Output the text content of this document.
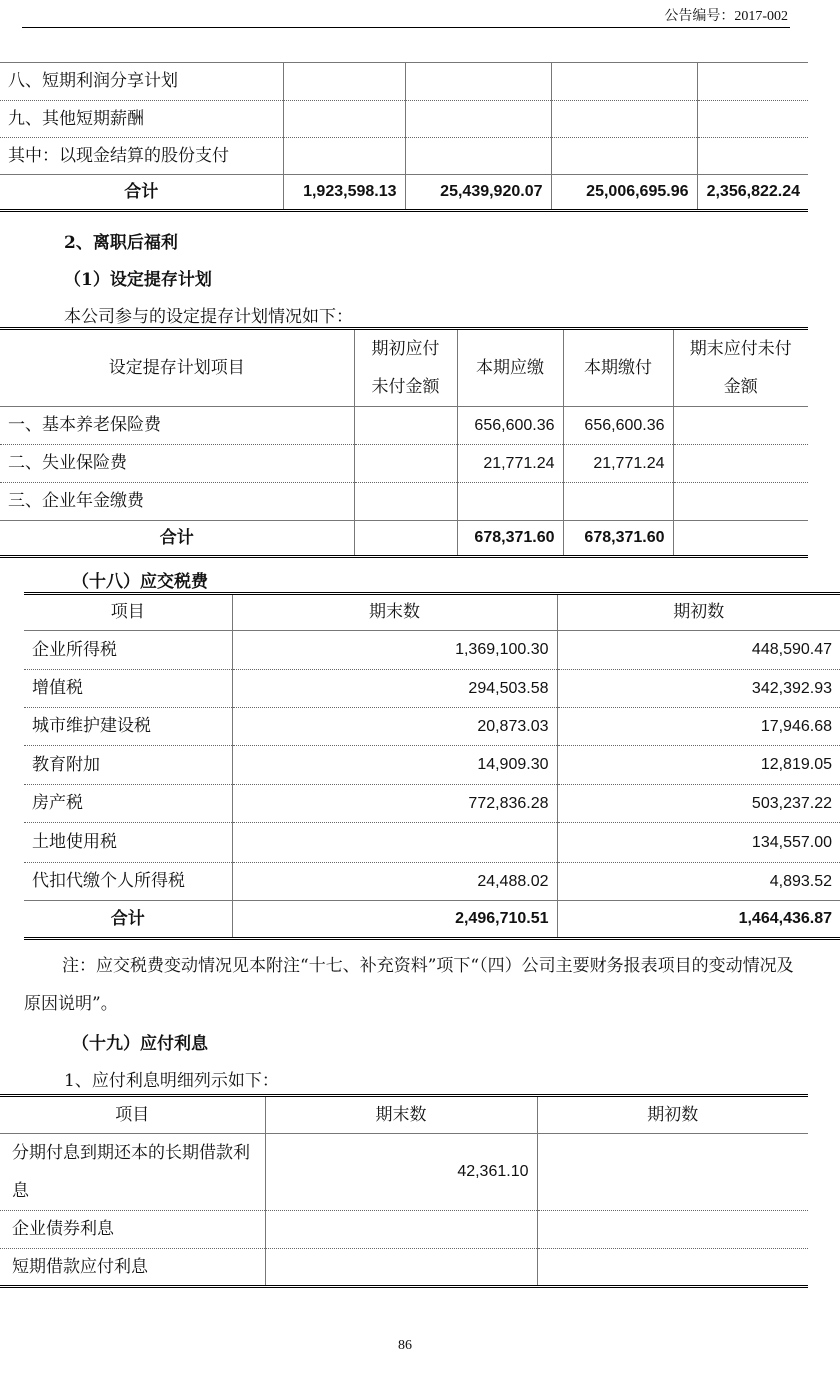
公告编号：2017-002
八、短期利润分享计划				
九、其他短期薪酬				
其中：以现金结算的股份支付				
合计	1,923,598.13	25,439,920.07	25,006,695.96	2,356,822.24
2、离职后福利
（1）设定提存计划
本公司参与的设定提存计划情况如下：
设定提存计划项目	期初应付未付金额	本期应缴	本期缴付	期末应付未付金额
一、基本养老保险费		656,600.36	656,600.36	
二、失业保险费		21,771.24	21,771.24	
三、企业年金缴费				
合计		678,371.60	678,371.60	
（十八）应交税费
项目	期末数	期初数
企业所得税	1,369,100.30	448,590.47
增值税	294,503.58	342,392.93
城市维护建设税	20,873.03	17,946.68
教育附加	14,909.30	12,819.05
房产税	772,836.28	503,237.22
土地使用税		134,557.00
代扣代缴个人所得税	24,488.02	4,893.52
合计	2,496,710.51	1,464,436.87
注：应交税费变动情况见本附注“十七、补充资料”项下“（四）公司主要财务报表项目的变动情况及原因说明”。
（十九）应付利息
1、应付利息明细列示如下：
项目	期末数	期初数
分期付息到期还本的长期借款利息	42,361.10	
企业债券利息		
短期借款应付利息		
86
